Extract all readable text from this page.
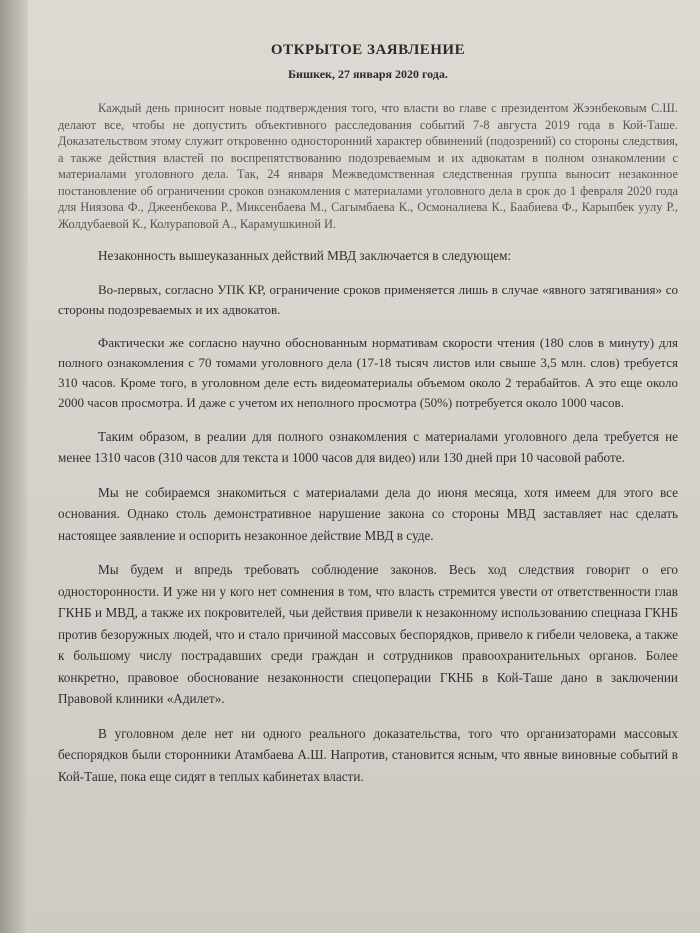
ОТКРЫТОЕ ЗАЯВЛЕНИЕ
Бишкек, 27 января 2020 года.

Каждый день приносит новые подтверждения того, что власти во главе с президентом Жээнбековым С.Ш. делают все, чтобы не допустить объективного расследования событий 7-8 августа 2019 года в Кой-Таше. Доказательством этому служит откровенно односторонний характер обвинений (подозрений) со стороны следствия, а также действия властей по воспрепятствованию подозреваемым и их адвокатам в полном ознакомлении с материалами уголовного дела. Так, 24 января Межведомственная следственная группа выносит незаконное постановление об ограничении сроков ознакомления с материалами уголовного дела в срок до 1 февраля 2020 года для Ниязова Ф., Джеенбекова Р., Миксенбаева М., Сагымбаева К., Осмоналиева К., Баабиева Ф., Карыпбек уулу Р., Жолдубаевой К., Колураповой А., Карамушкиной И.

Незаконность вышеуказанных действий МВД заключается в следующем:

Во-первых, согласно УПК КР, ограничение сроков применяется лишь в случае «явного затягивания» со стороны подозреваемых и их адвокатов.

Фактически же согласно научно обоснованным нормативам скорости чтения (180 слов в минуту) для полного ознакомления с 70 томами уголовного дела (17-18 тысяч листов или свыше 3,5 млн. слов) требуется 310 часов. Кроме того, в уголовном деле есть видеоматериалы объемом около 2 терабайтов. А это еще около 2000 часов просмотра. И даже с учетом их неполного просмотра (50%) потребуется около 1000 часов.

Таким образом, в реалии для полного ознакомления с материалами уголовного дела требуется не менее 1310 часов (310 часов для текста и 1000 часов для видео) или 130 дней при 10 часовой работе.

Мы не собираемся знакомиться с материалами дела до июня месяца, хотя имеем для этого все основания. Однако столь демонстративное нарушение закона со стороны МВД заставляет нас сделать настоящее заявление и оспорить незаконное действие МВД в суде.

Мы будем и впредь требовать соблюдение законов. Весь ход следствия говорит о его односторонности. И уже ни у кого нет сомнения в том, что власть стремится увести от ответственности глав ГКНБ и МВД, а также их покровителей, чьи действия привели к незаконному использованию спецназа ГКНБ против безоружных людей, что и стало причиной массовых беспорядков, привело к гибели человека, а также к большому числу пострадавших среди граждан и сотрудников правоохранительных органов. Более конкретно, правовое обоснование незаконности спецоперации ГКНБ в Кой-Таше дано в заключении Правовой клиники «Адилет».

В уголовном деле нет ни одного реального доказательства, того что организаторами массовых беспорядков были сторонники Атамбаева А.Ш. Напротив, становится ясным, что явные виновные событий в Кой-Таше, пока еще сидят в теплых кабинетах власти.
